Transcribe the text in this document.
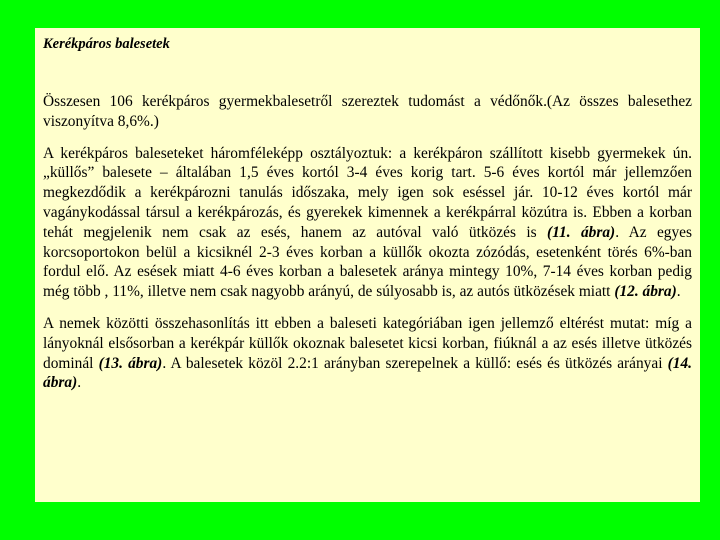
Kerékpáros balesetek

Összesen 106 kerékpáros gyermekbalesetről szereztek tudomást a védőnők.(Az összes balesethez viszonyítva 8,6%.)

A kerékpáros baleseteket háromféleképp osztályoztuk: a kerékpáron szállított kisebb gyermekek ún. „küllős” balesete – általában 1,5 éves kortól 3-4 éves korig tart. 5-6 éves kortól már jellemzően megkezdődik a kerékpározni tanulás időszaka, mely igen sok eséssel jár. 10-12 éves kortól már vagánykodással társul a kerékpározás, és gyerekek kimennek a kerékpárral közútra is. Ebben a korban tehát megjelenik nem csak az esés, hanem az autóval való ütközés is (11. ábra). Az egyes korcsoportokon belül a kicsiknél 2-3 éves korban a küllők okozta zózódás, esetenként törés 6%-ban fordul elő. Az esések miatt 4-6 éves korban a balesetek aránya mintegy 10%, 7-14 éves korban pedig még több , 11%, illetve nem csak nagyobb arányú, de súlyosabb is, az autós ütközések miatt (12. ábra).

A nemek közötti összehasonlítás itt ebben a baleseti kategóriában igen jellemző eltérést mutat: míg a lányoknál elsősorban a kerékpár küllők okoznak balesetet kicsi korban, fiúknál a az esés illetve ütközés dominál (13. ábra). A balesetek közöl 2.2:1 arányban szerepelnek a küllő: esés és ütközés arányai (14. ábra).
